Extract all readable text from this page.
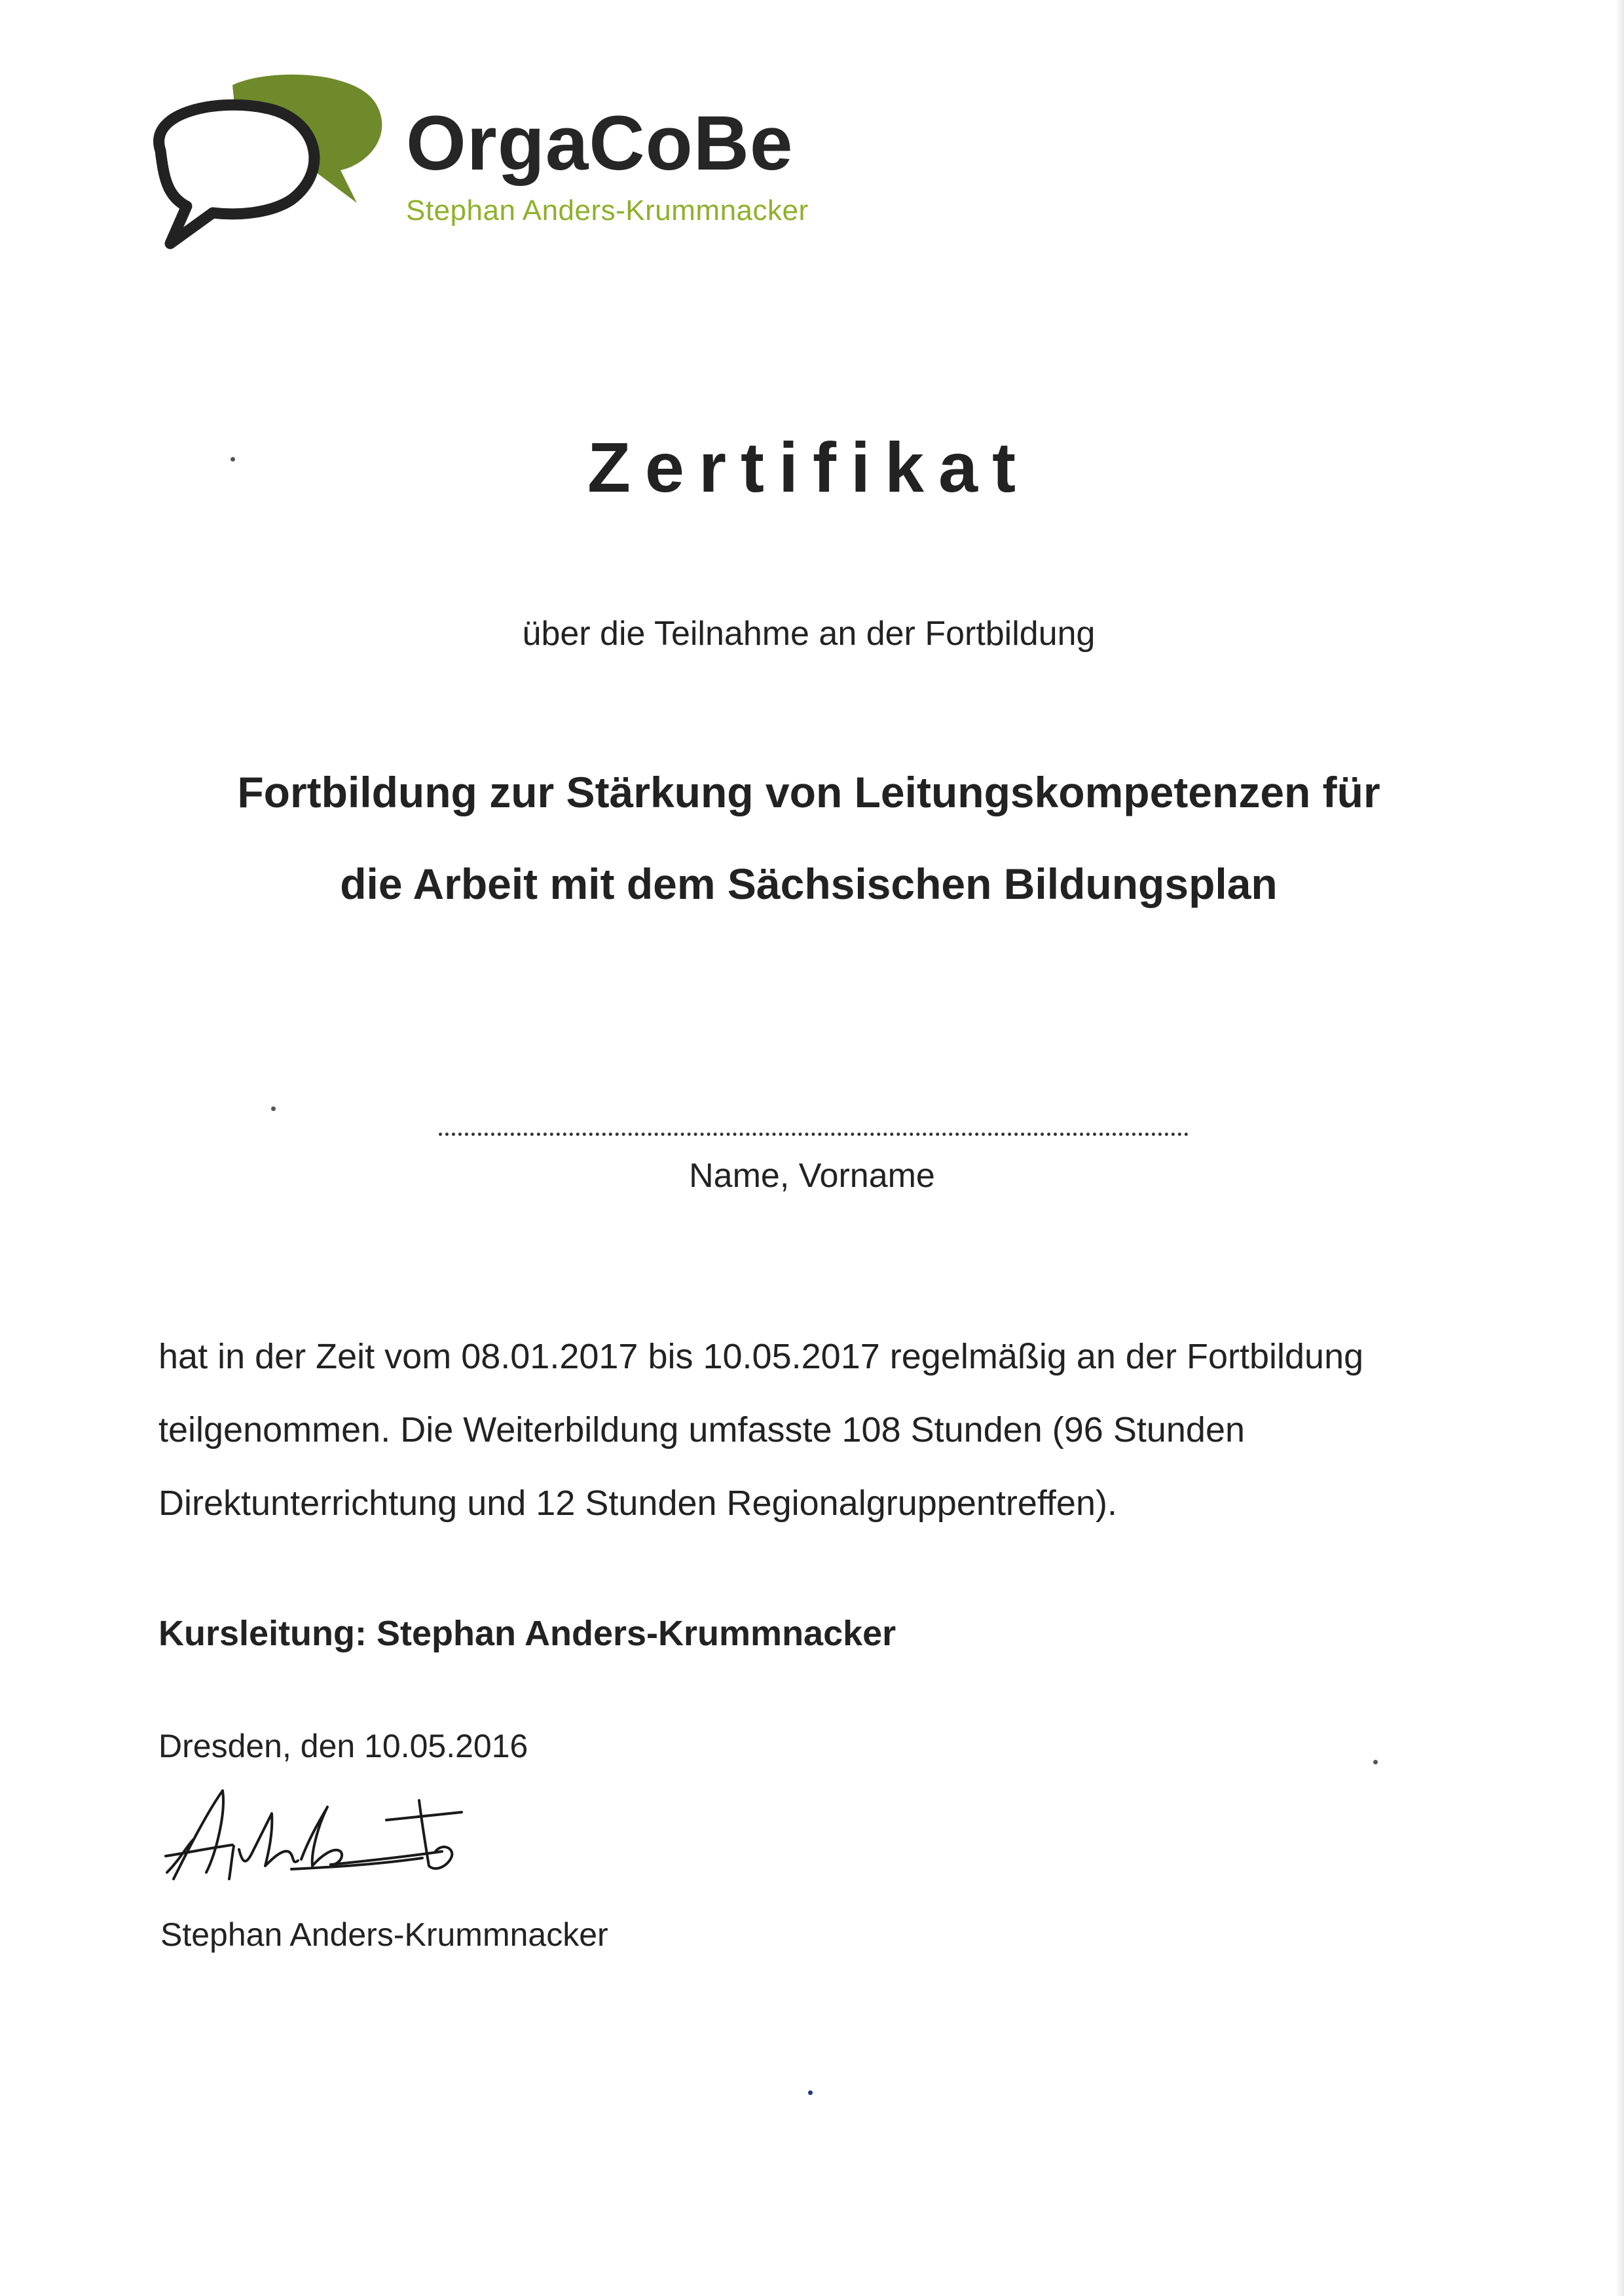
OrgaCoBe
Stephan Anders-Krummnacker
Zertifikat
über die Teilnahme an der Fortbildung
Fortbildung zur Stärkung von Leitungskompetenzen für
die Arbeit mit dem Sächsischen Bildungsplan
Name, Vorname
hat in der Zeit vom 08.01.2017 bis 10.05.2017 regelmäßig an der Fortbildung
teilgenommen. Die Weiterbildung umfasste 108 Stunden (96 Stunden
Direktunterrichtung und 12 Stunden Regionalgruppentreffen).
Kursleitung: Stephan Anders-Krummnacker
Dresden, den 10.05.2016
Stephan Anders-Krummnacker
